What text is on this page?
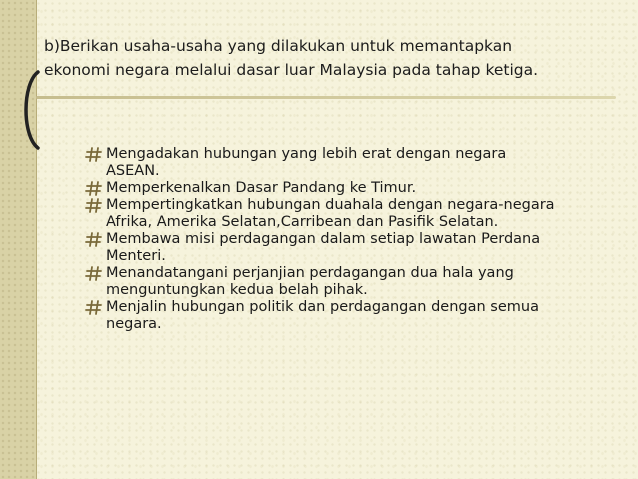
b)Berikan usaha-usaha yang dilakukan untuk memantapkan
ekonomi negara melalui dasar luar Malaysia pada tahap ketiga.
Mengadakan hubungan yang lebih erat dengan negara
ASEAN.
Memperkenalkan Dasar Pandang ke Timur.
Mempertingkatkan hubungan duahala dengan negara-negara
Afrika, Amerika Selatan,Carribean dan Pasifik Selatan.
Membawa misi perdagangan dalam setiap lawatan Perdana
Menteri.
Menandatangani perjanjian perdagangan dua hala yang
menguntungkan kedua belah pihak.
Menjalin hubungan politik dan perdagangan dengan semua
negara.
